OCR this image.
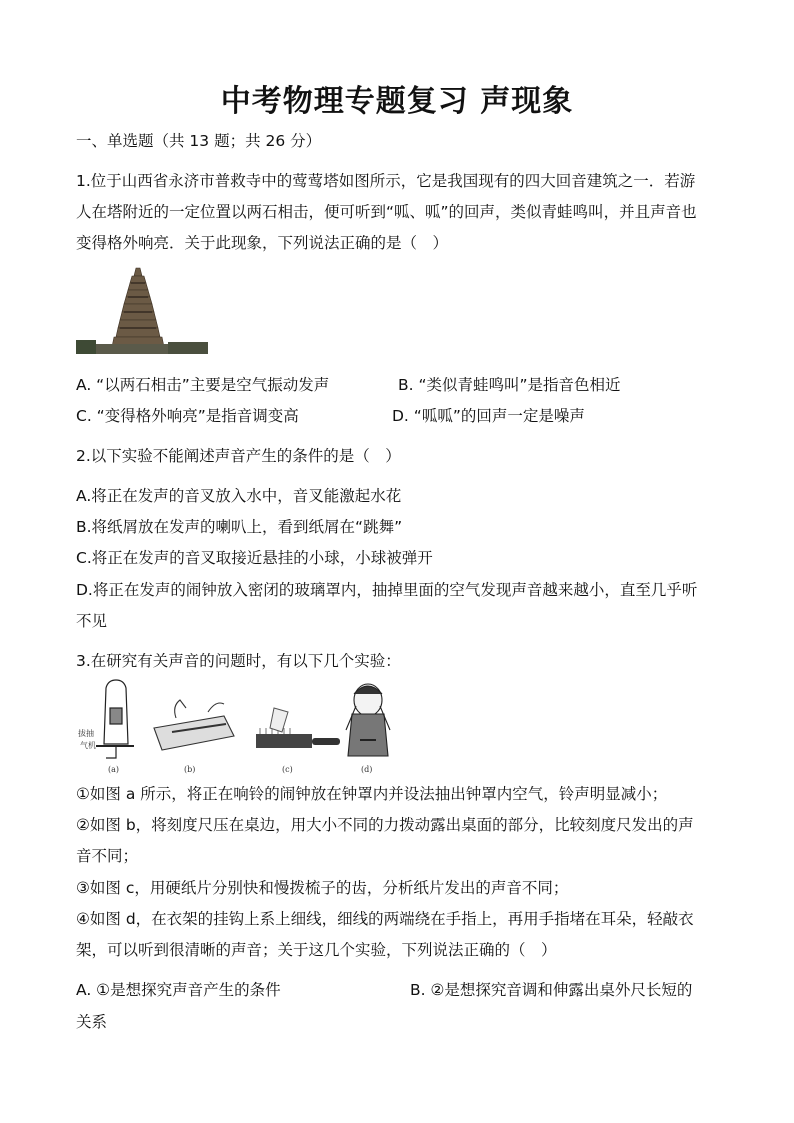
中考物理专题复习 声现象
一、单选题（共 13 题；共 26 分）
1.位于山西省永济市普救寺中的莺莺塔如图所示，它是我国现有的四大回音建筑之一．若游
人在塔附近的一定位置以两石相击，便可听到“呱、呱”的回声，类似青蛙鸣叫，并且声音也
变得格外响亮．关于此现象，下列说法正确的是（　）
A. “以两石相击”主要是空气振动发声	B. “类似青蛙鸣叫”是指音色相近
C. “变得格外响亮”是指音调变高	D. “呱呱”的回声一定是噪声
2.以下实验不能阐述声音产生的条件的是（　）
A.将正在发声的音叉放入水中，音叉能激起水花
B.将纸屑放在发声的喇叭上，看到纸屑在“跳舞”
C.将正在发声的音叉取接近悬挂的小球，小球被弹开
D.将正在发声的闹钟放入密闭的玻璃罩内，抽掉里面的空气发现声音越来越小，直至几乎听
不见
3.在研究有关声音的问题时，有以下几个实验：
拔抽
气机
(a)	(b)	(c)	(d)
①如图 a 所示，将正在响铃的闹钟放在钟罩内并设法抽出钟罩内空气，铃声明显减小；
②如图 b，将刻度尺压在桌边，用大小不同的力拨动露出桌面的部分，比较刻度尺发出的声
音不同；
③如图 c，用硬纸片分别快和慢拨梳子的齿，分析纸片发出的声音不同；
④如图 d，在衣架的挂钩上系上细线，细线的两端绕在手指上，再用手指堵在耳朵，轻敲衣
架，可以听到很清晰的声音；关于这几个实验，下列说法正确的（　）
A. ①是想探究声音产生的条件	B. ②是想探究音调和伸露出桌外尺长短的
关系
